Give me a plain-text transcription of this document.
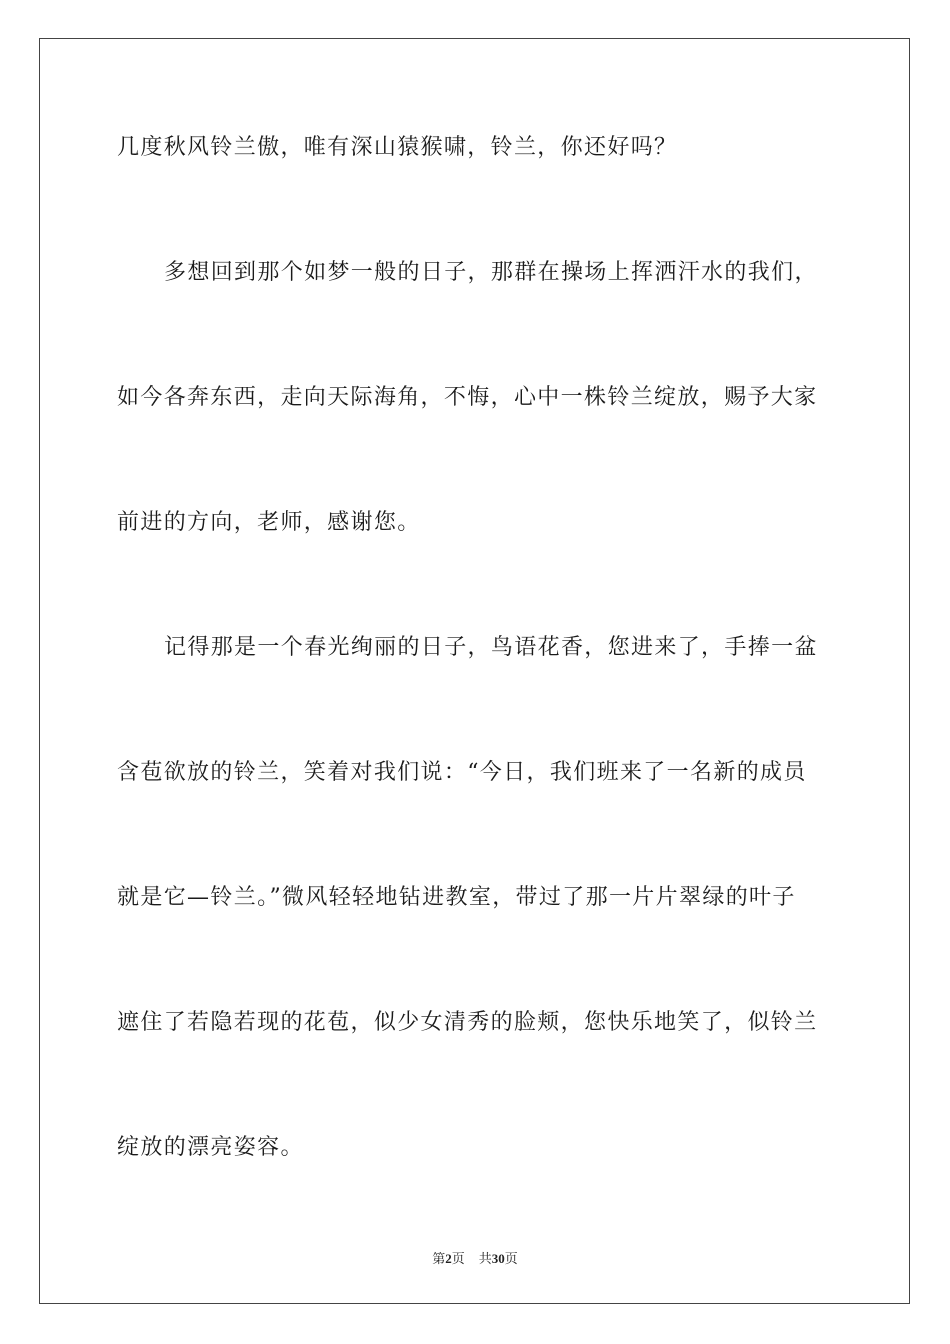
几度秋风铃兰傲，唯有深山猿猴啸，铃兰，你还好吗？
多想回到那个如梦一般的日子，那群在操场上挥洒汗水的我们，
如今各奔东西，走向天际海角，不悔，心中一株铃兰绽放，赐予大家
前进的方向，老师，感谢您。
记得那是一个春光绚丽的日子，鸟语花香，您进来了，手捧一盆
含苞欲放的铃兰，笑着对我们说：“今日，我们班来了一名新的成员
就是它—铃兰。”微风轻轻地钻进教室，带过了那一片片翠绿的叶子
遮住了若隐若现的花苞，似少女清秀的脸颊，您快乐地笑了，似铃兰
绽放的漂亮姿容。
第2页 共30页
